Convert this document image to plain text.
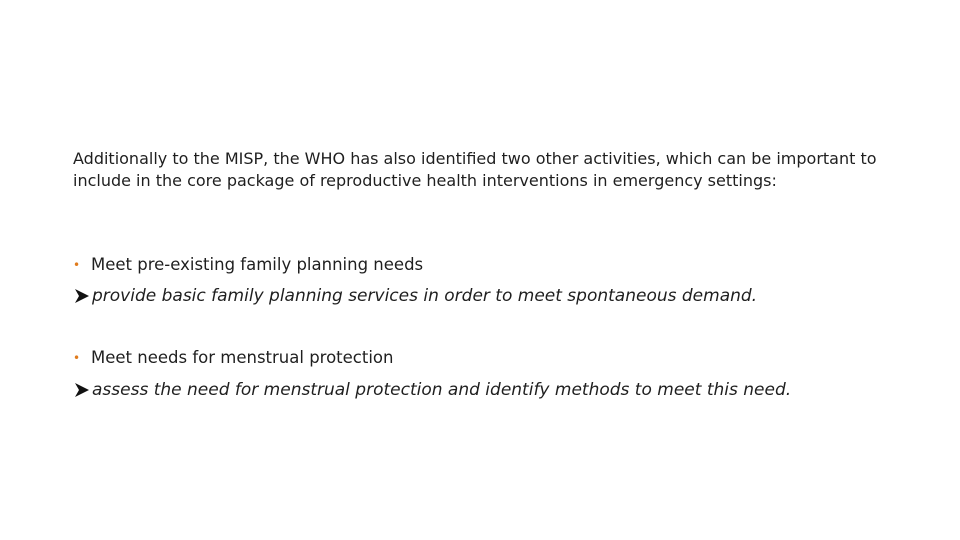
Additionally to the MISP, the WHO has also identified two other activities, which can be important to include in the core package of reproductive health interventions in emergency settings:

• Meet pre-existing family planning needs
provide basic family planning services in order to meet spontaneous demand.
• Meet needs for menstrual protection
assess the need for menstrual protection and identify methods to meet this need.
